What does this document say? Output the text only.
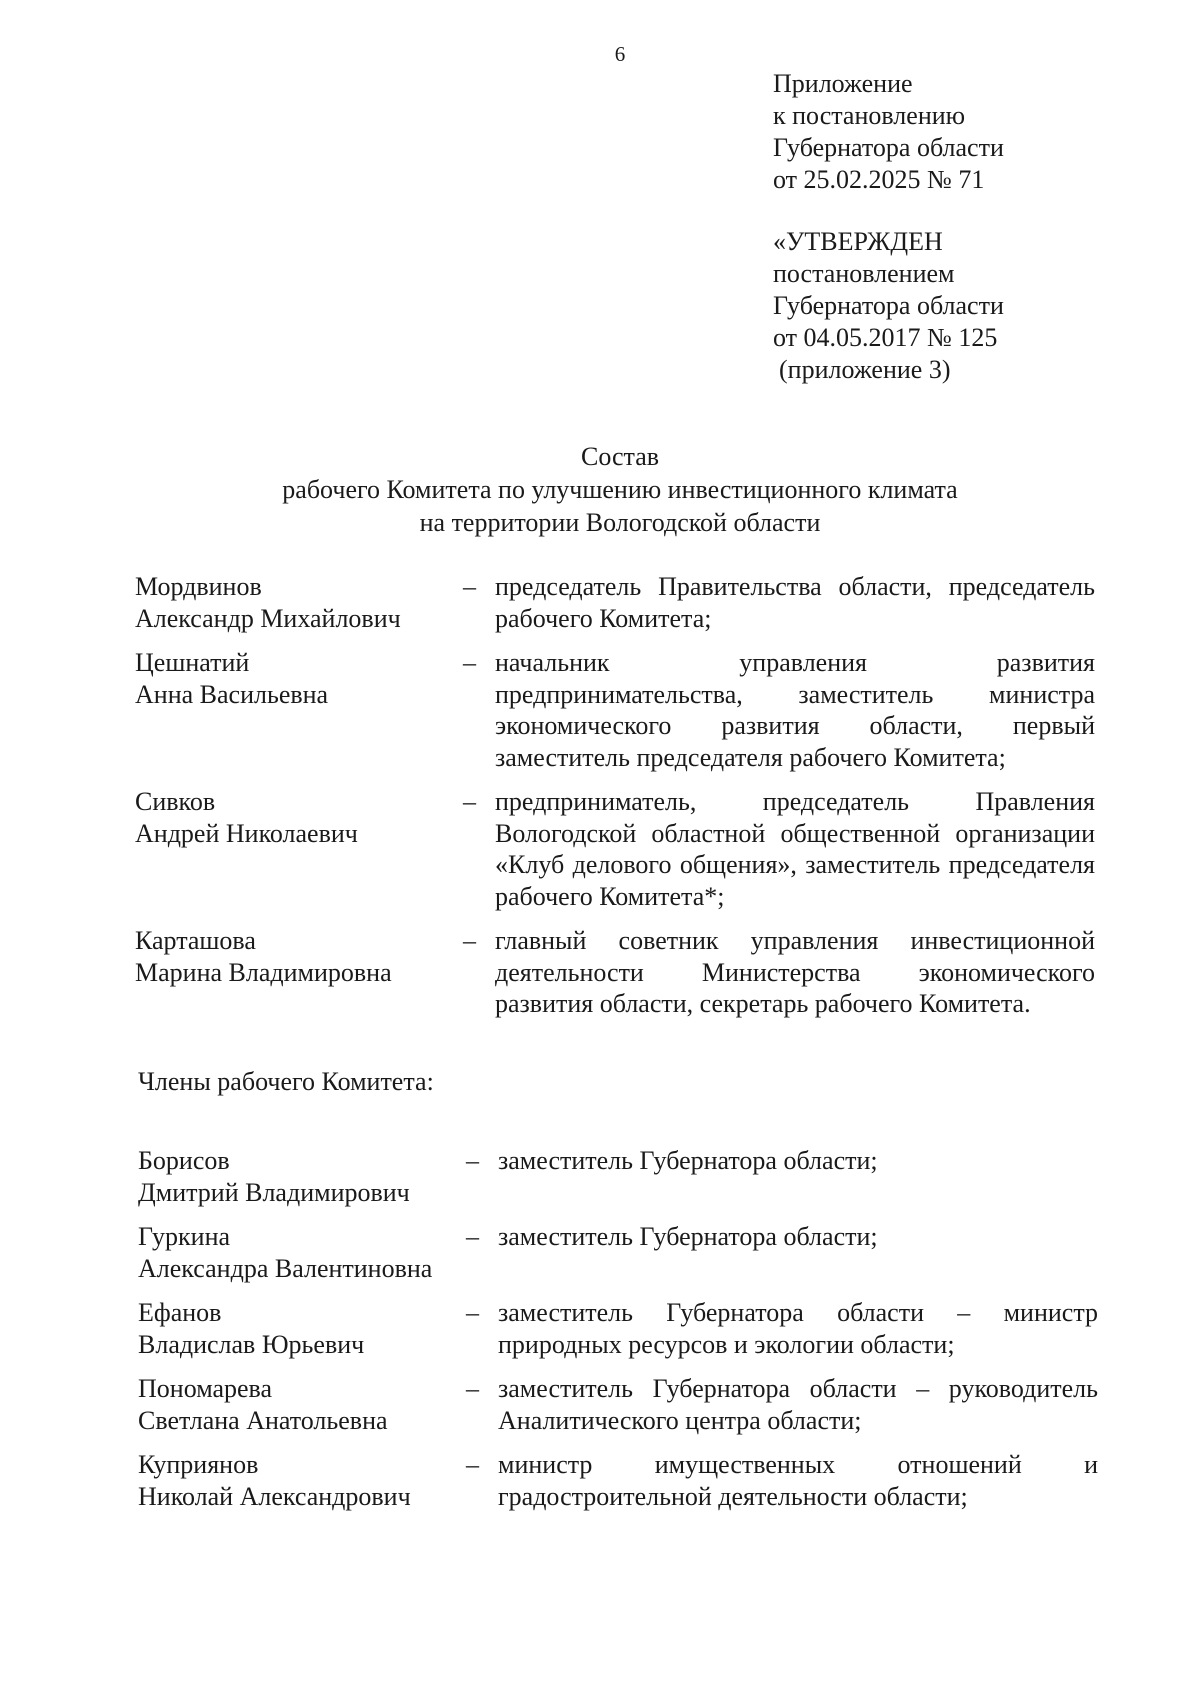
6
Приложение
к постановлению
Губернатора области
от 25.02.2025 № 71
«УТВЕРЖДЕН
постановлением
Губернатора области
от 04.05.2017 № 125
(приложение 3)
Состав
рабочего Комитета по улучшению инвестиционного климата
на территории Вологодской области
Мордвинов
Александр Михайлович
– председатель Правительства области, председатель рабочего Комитета;
Цешнатий
Анна Васильевна
– начальник управления развития предпринимательства, заместитель министра экономического развития области, первый заместитель председателя рабочего Комитета;
Сивков
Андрей Николаевич
– предприниматель, председатель Правления Вологодской областной общественной организации «Клуб делового общения», заместитель председателя рабочего Комитета*;
Карташова
Марина Владимировна
– главный советник управления инвестиционной деятельности Министерства экономического развития области, секретарь рабочего Комитета.
Члены рабочего Комитета:
Борисов
Дмитрий Владимирович
– заместитель Губернатора области;
Гуркина
Александра Валентиновна
– заместитель Губернатора области;
Ефанов
Владислав Юрьевич
– заместитель Губернатора области – министр природных ресурсов и экологии области;
Пономарева
Светлана Анатольевна
– заместитель Губернатора области – руководитель Аналитического центра области;
Куприянов
Николай Александрович
– министр имущественных отношений и градостроительной деятельности области;
